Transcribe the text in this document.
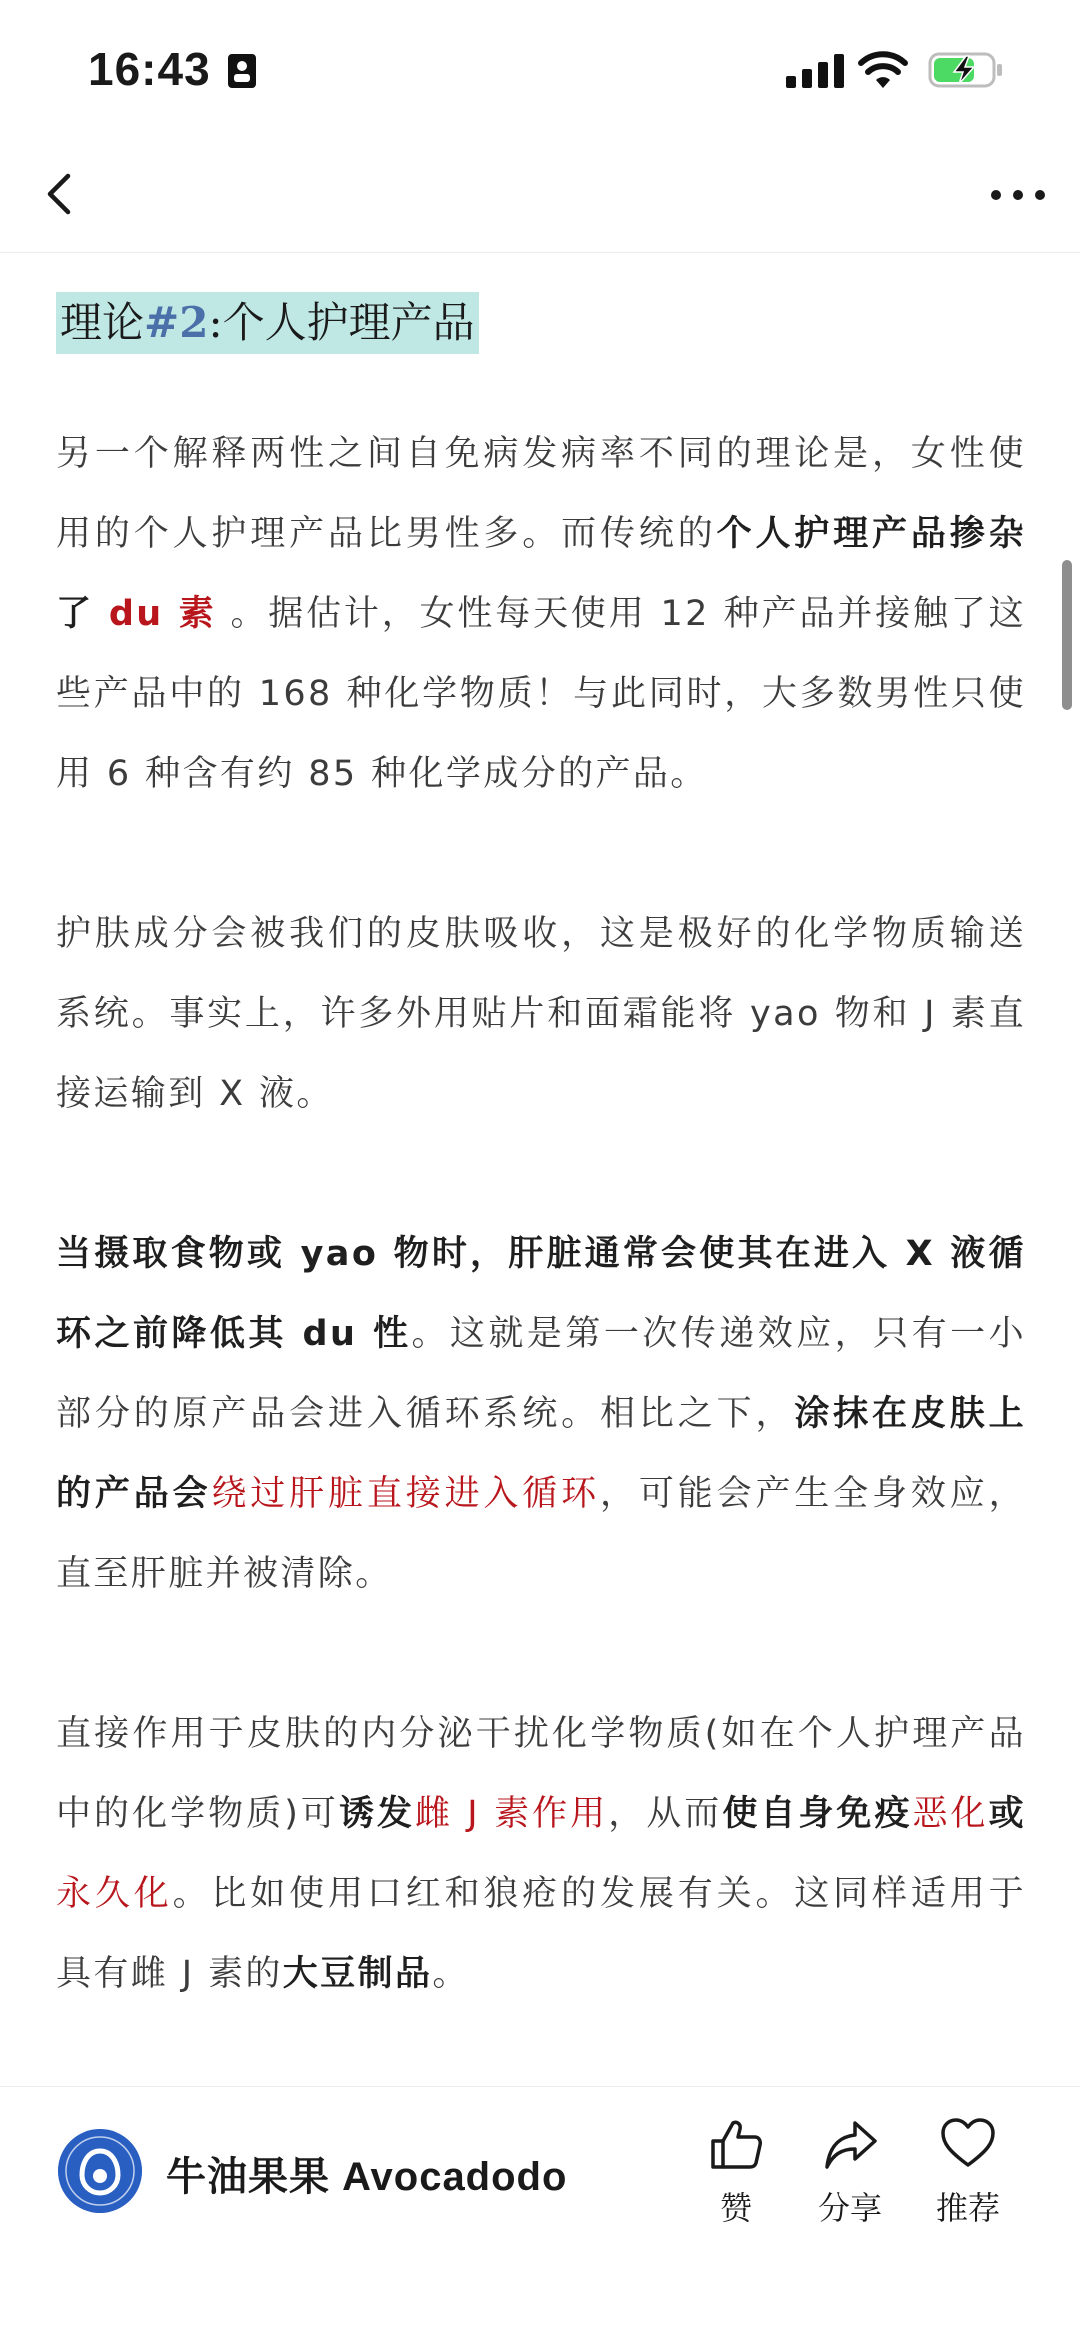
16:43
理论#2:个人护理产品

另一个解释两性之间自免病发病率不同的理论是，女性使用的个人护理产品比男性多。而传统的个人护理产品掺杂了 du 素 。据估计，女性每天使用 12 种产品并接触了这些产品中的 168 种化学物质！与此同时，大多数男性只使用 6 种含有约 85 种化学成分的产品。

护肤成分会被我们的皮肤吸收，这是极好的化学物质输送系统。事实上，许多外用贴片和面霜能将 yao 物和 J 素直接运输到 X 液。

当摄取食物或 yao 物时，肝脏通常会使其在进入 X 液循环之前降低其 du 性。这就是第一次传递效应，只有一小部分的原产品会进入循环系统。相比之下，涂抹在皮肤上的产品会绕过肝脏直接进入循环，可能会产生全身效应，直至肝脏并被清除。

直接作用于皮肤的内分泌干扰化学物质(如在个人护理产品中的化学物质)可诱发雌 J 素作用，从而使自身免疫恶化或永久化。比如使用口红和狼疮的发展有关。这同样适用于具有雌 J 素的大豆制品。

牛油果果 Avocadodo
赞	分享	推荐
